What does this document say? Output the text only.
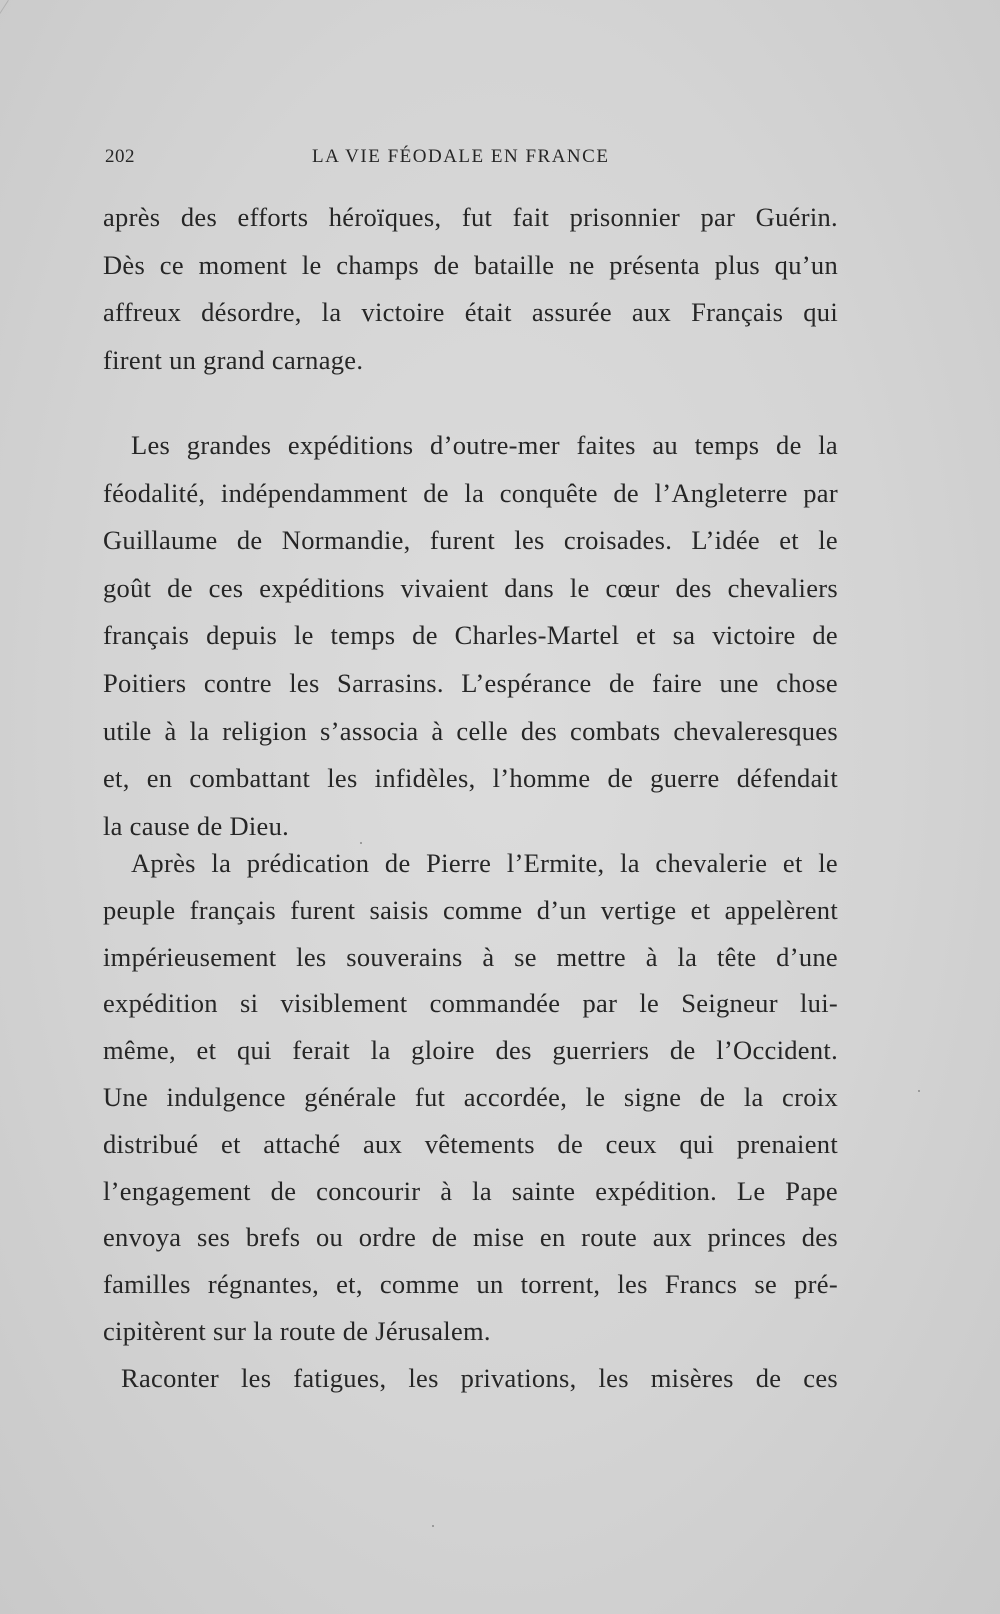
202	LA VIE FÉODALE EN FRANCE
après des efforts héroïques, fut fait prisonnier par Guérin.
Dès ce moment le champs de bataille ne présenta plus qu’un
affreux désordre, la victoire était assurée aux Français qui
firent un grand carnage.
Les grandes expéditions d’outre-mer faites au temps de la
féodalité, indépendamment de la conquête de l’Angleterre par
Guillaume de Normandie, furent les croisades. L’idée et le
goût de ces expéditions vivaient dans le cœur des chevaliers
français depuis le temps de Charles-Martel et sa victoire de
Poitiers contre les Sarrasins. L’espérance de faire une chose
utile à la religion s’associa à celle des combats chevaleresques
et, en combattant les infidèles, l’homme de guerre défendait
la cause de Dieu.
Après la prédication de Pierre l’Ermite, la chevalerie et le
peuple français furent saisis comme d’un vertige et appelèrent
impérieusement les souverains à se mettre à la tête d’une
expédition si visiblement commandée par le Seigneur lui-
même, et qui ferait la gloire des guerriers de l’Occident.
Une indulgence générale fut accordée, le signe de la croix
distribué et attaché aux vêtements de ceux qui prenaient
l’engagement de concourir à la sainte expédition. Le Pape
envoya ses brefs ou ordre de mise en route aux princes des
familles régnantes, et, comme un torrent, les Francs se pré-
cipitèrent sur la route de Jérusalem.
Raconter les fatigues, les privations, les misères de ces
